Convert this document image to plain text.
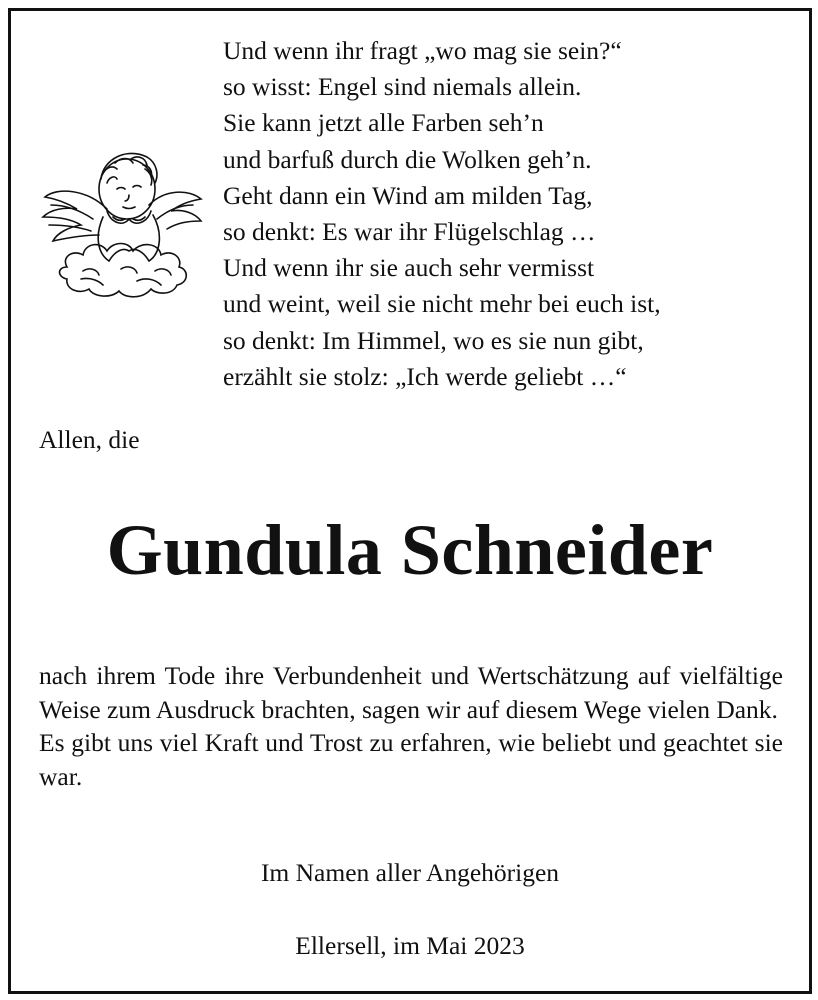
Und wenn ihr fragt „wo mag sie sein?“
so wisst: Engel sind niemals allein.
Sie kann jetzt alle Farben seh’n
und barfuß durch die Wolken geh’n.
Geht dann ein Wind am milden Tag,
so denkt: Es war ihr Flügelschlag …
Und wenn ihr sie auch sehr vermisst
und weint, weil sie nicht mehr bei euch ist,
so denkt: Im Himmel, wo es sie nun gibt,
erzählt sie stolz: „Ich werde geliebt …“
Allen, die
Gundula Schneider

nach ihrem Tode ihre Verbundenheit und Wertschätzung auf vielfältige Weise zum Ausdruck brachten, sagen wir auf diesem Wege vielen Dank.

Es gibt uns viel Kraft und Trost zu erfahren, wie beliebt und geachtet sie war.

Im Namen aller Angehörigen
Ellersell, im Mai 2023
